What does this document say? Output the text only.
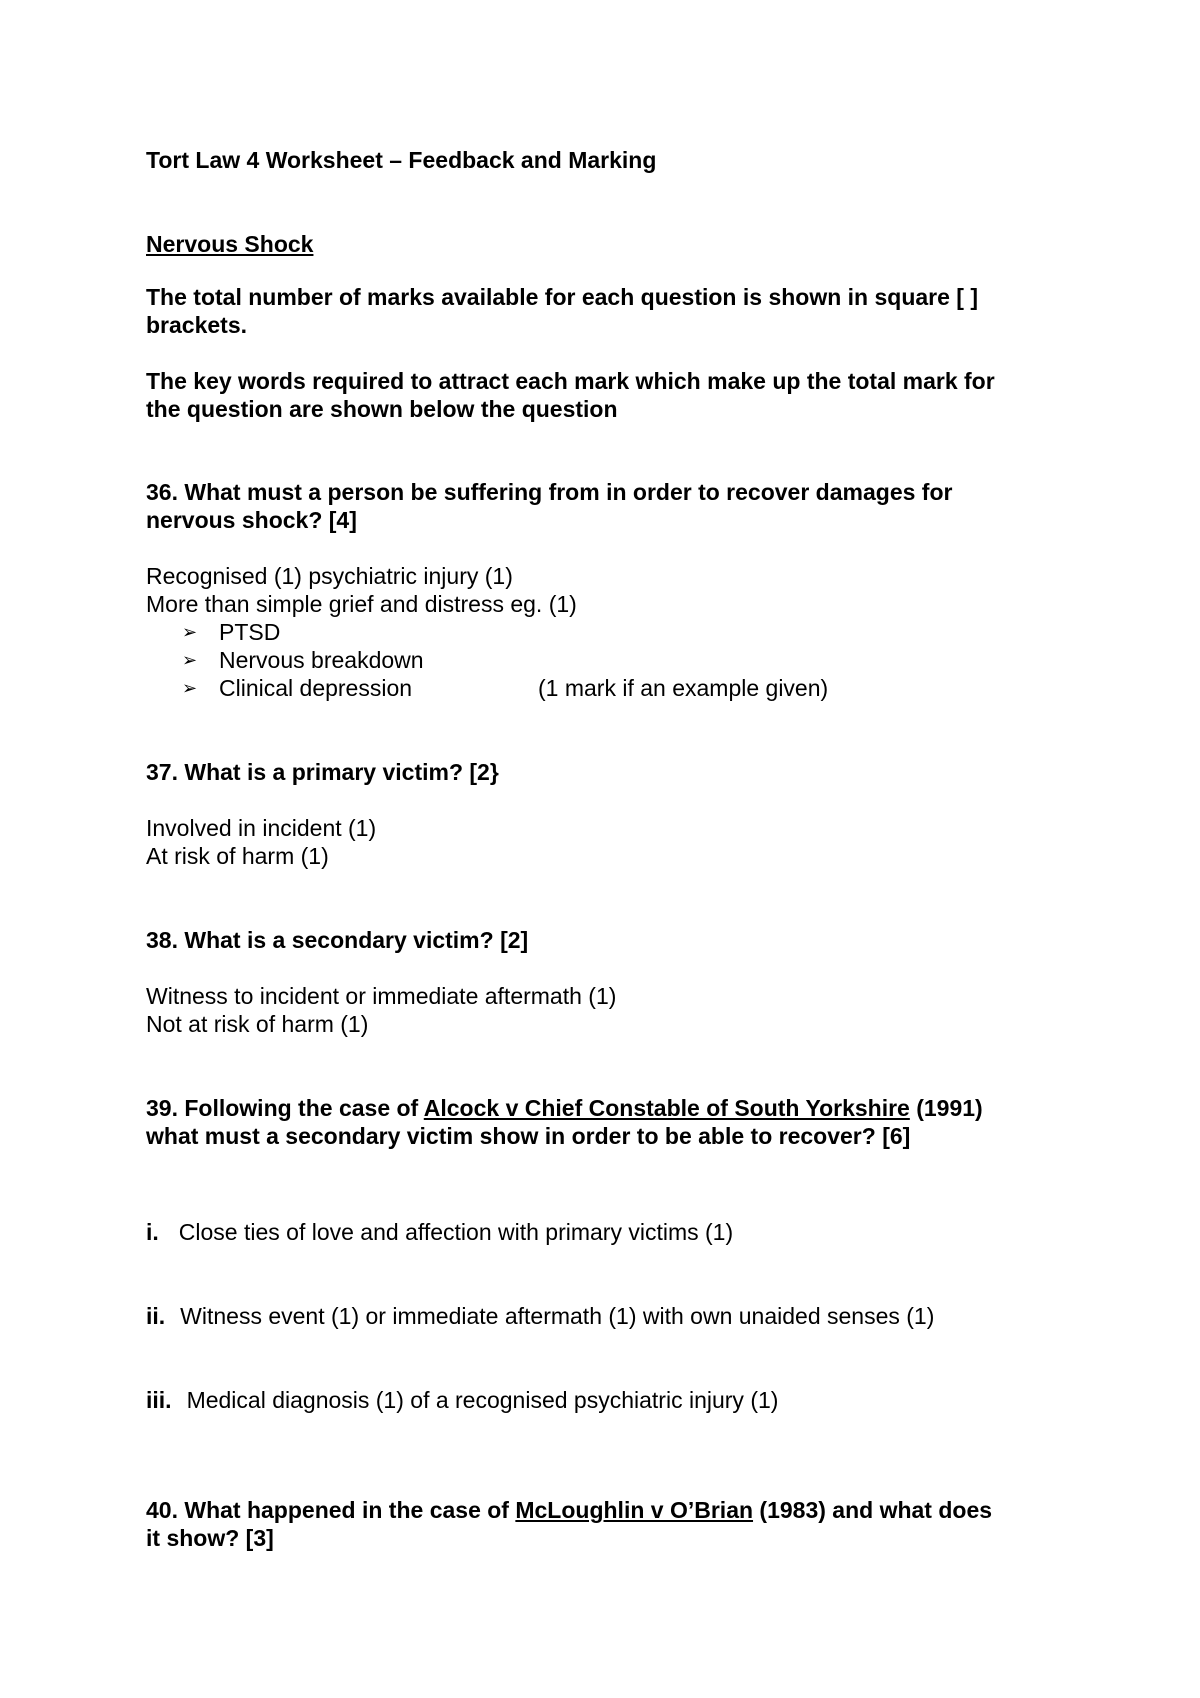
Tort Law 4 Worksheet – Feedback and Marking
Nervous Shock
The total number of marks available for each question is shown in square [ ]
brackets.
The key words required to attract each mark which make up the total mark for
the question are shown below the question
36. What must a person be suffering from in order to recover damages for
nervous shock? [4]
Recognised (1) psychiatric injury (1)
More than simple grief and distress eg. (1)
➢ PTSD
➢ Nervous breakdown
➢ Clinical depression	(1 mark if an example given)
37. What is a primary victim? [2}
Involved in incident (1)
At risk of harm (1)
38. What is a secondary victim? [2]
Witness to incident or immediate aftermath (1)
Not at risk of harm (1)
39. Following the case of Alcock v Chief Constable of South Yorkshire (1991)
what must a secondary victim show in order to be able to recover? [6]
i. Close ties of love and affection with primary victims (1)
ii. Witness event (1) or immediate aftermath (1) with own unaided senses (1)
iii. Medical diagnosis (1) of a recognised psychiatric injury (1)
40. What happened in the case of McLoughlin v O’Brian (1983) and what does
it show? [3]
